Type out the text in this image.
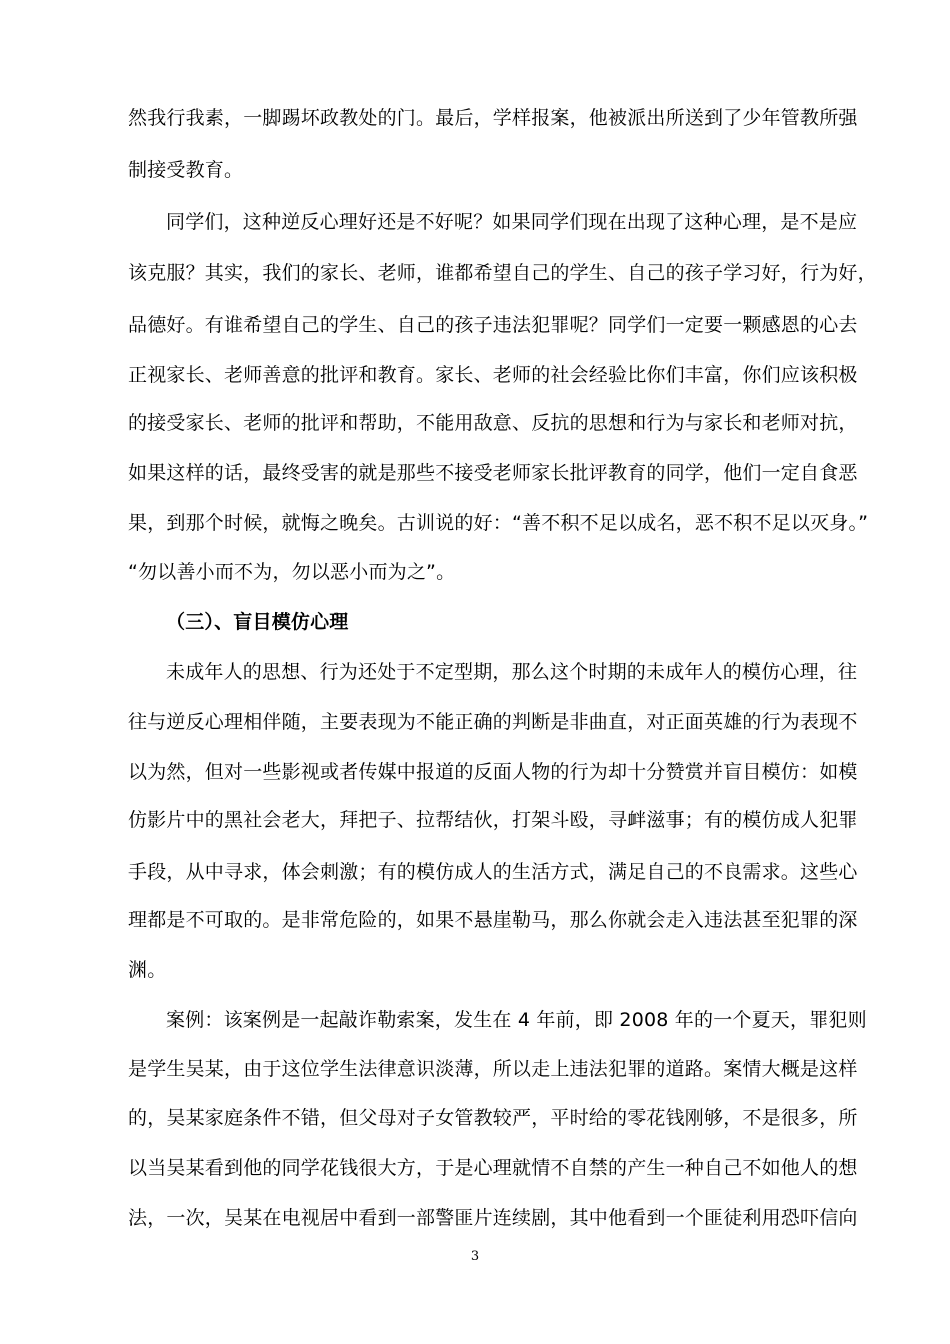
然我行我素，一脚踢坏政教处的门。最后，学样报案，他被派出所送到了少年管教所强
制接受教育。
同学们，这种逆反心理好还是不好呢？如果同学们现在出现了这种心理，是不是应
该克服？其实，我们的家长、老师，谁都希望自己的学生、自己的孩子学习好，行为好，
品德好。有谁希望自己的学生、自己的孩子违法犯罪呢？同学们一定要一颗感恩的心去
正视家长、老师善意的批评和教育。家长、老师的社会经验比你们丰富，你们应该积极
的接受家长、老师的批评和帮助，不能用敌意、反抗的思想和行为与家长和老师对抗，
如果这样的话，最终受害的就是那些不接受老师家长批评教育的同学，他们一定自食恶
果，到那个时候，就悔之晚矣。古训说的好：“善不积不足以成名，恶不积不足以灭身。”
“勿以善小而不为，勿以恶小而为之”。
（三）、盲目模仿心理
未成年人的思想、行为还处于不定型期，那么这个时期的未成年人的模仿心理，往
往与逆反心理相伴随，主要表现为不能正确的判断是非曲直，对正面英雄的行为表现不
以为然，但对一些影视或者传媒中报道的反面人物的行为却十分赞赏并盲目模仿：如模
仿影片中的黑社会老大，拜把子、拉帮结伙，打架斗殴，寻衅滋事；有的模仿成人犯罪
手段，从中寻求，体会刺激；有的模仿成人的生活方式，满足自己的不良需求。这些心
理都是不可取的。是非常危险的，如果不悬崖勒马，那么你就会走入违法甚至犯罪的深
渊。
案例：该案例是一起敲诈勒索案，发生在 4 年前，即 2008 年的一个夏天，罪犯则
是学生吴某，由于这位学生法律意识淡薄，所以走上违法犯罪的道路。案情大概是这样
的，吴某家庭条件不错，但父母对子女管教较严，平时给的零花钱刚够，不是很多，所
以当吴某看到他的同学花钱很大方，于是心理就情不自禁的产生一种自己不如他人的想
法，一次，吴某在电视居中看到一部警匪片连续剧，其中他看到一个匪徒利用恐吓信向
3
